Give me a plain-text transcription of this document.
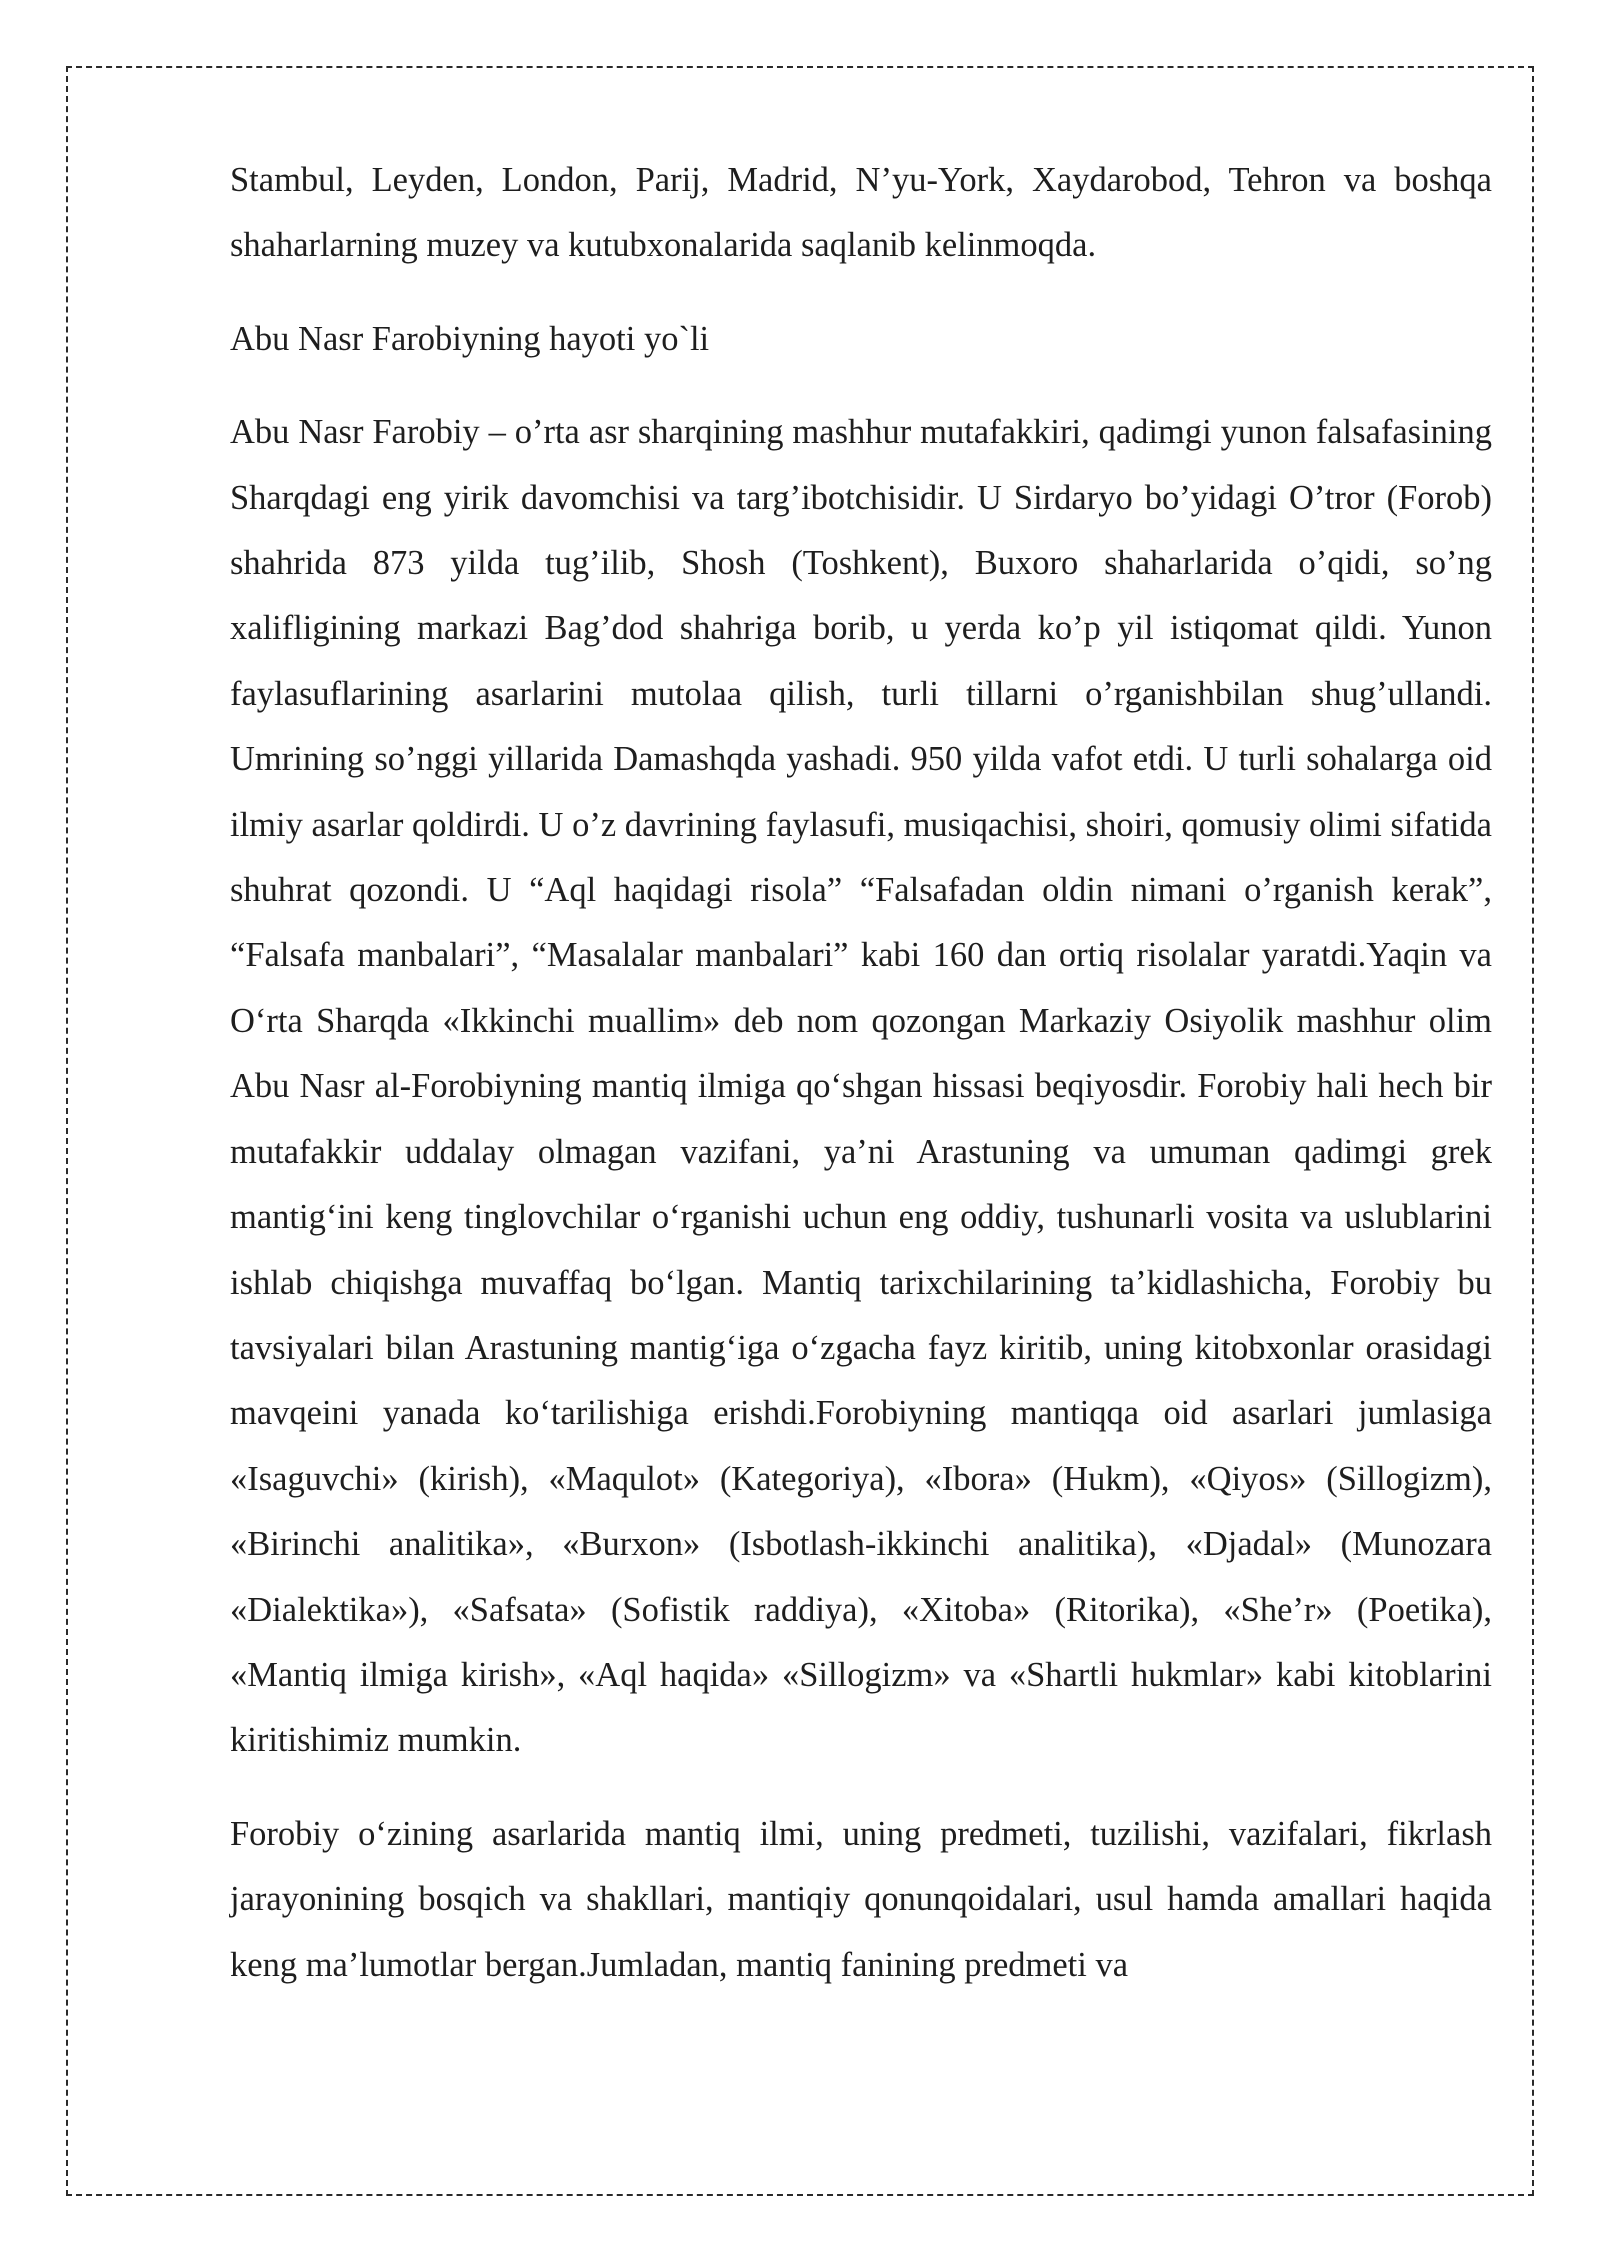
Stambul, Leyden, London, Parij, Madrid, N’yu-York, Xaydarobod, Tehron va boshqa shaharlarning muzey va kutubxonalarida saqlanib kelinmoqda.

Abu Nasr Farobiyning hayoti yo`li

Abu Nasr Farobiy – o’rta asr sharqining mashhur mutafakkiri, qadimgi yunon falsafasining Sharqdagi eng yirik davomchisi va targ’ibotchisidir. U Sirdaryo bo’yidagi O’tror (Forob) shahrida 873 yilda tug’ilib, Shosh (Toshkent), Buxoro shaharlarida o’qidi, so’ng xalifligining markazi Bag’dod shahriga borib, u yerda ko’p yil istiqomat qildi. Yunon faylasuflarining asarlarini mutolaa qilish, turli tillarni o’rganishbilan shug’ullandi. Umrining so’nggi yillarida Damashqda yashadi. 950 yilda vafot etdi. U turli sohalarga oid ilmiy asarlar qoldirdi. U o’z davrining faylasufi, musiqachisi, shoiri, qomusiy olimi sifatida shuhrat qozondi. U “Aql haqidagi risola” “Falsafadan oldin nimani o’rganish kerak”, “Falsafa manbalari”, “Masalalar manbalari” kabi 160 dan ortiq risolalar yaratdi.Yaqin va O‘rta Sharqda «Ikkinchi muallim» deb nom qozongan Markaziy Osiyolik mashhur olim Abu Nasr al-Forobiyning mantiq ilmiga qo‘shgan hissasi beqiyosdir. Forobiy hali hech bir mutafakkir uddalay olmagan vazifani, ya’ni Arastuning va umuman qadimgi grek mantig‘ini keng tinglovchilar o‘rganishi uchun eng oddiy, tushunarli vosita va uslublarini ishlab chiqishga muvaffaq bo‘lgan. Mantiq tarixchilarining ta’kidlashicha, Forobiy bu tavsiyalari bilan Arastuning mantig‘iga o‘zgacha fayz kiritib, uning kitobxonlar orasidagi mavqeini yanada ko‘tarilishiga erishdi.Forobiyning mantiqqa oid asarlari jumlasiga «Isaguvchi» (kirish), «Maqulot» (Kategoriya), «Ibora» (Hukm), «Qiyos» (Sillogizm), «Birinchi analitika», «Burxon» (Isbotlash-ikkinchi analitika), «Djadal» (Munozara «Dialektika»), «Safsata» (Sofistik raddiya), «Xitoba» (Ritorika), «She’r» (Poetika), «Mantiq ilmiga kirish», «Aql haqida» «Sillogizm» va «Shartli hukmlar» kabi kitoblarini kiritishimiz mumkin.

Forobiy o‘zining asarlarida mantiq ilmi, uning predmeti, tuzilishi, vazifalari, fikrlash jarayonining bosqich va shakllari, mantiqiy qonunqoidalari, usul hamda amallari haqida keng ma’lumotlar bergan.Jumladan, mantiq fanining predmeti va
